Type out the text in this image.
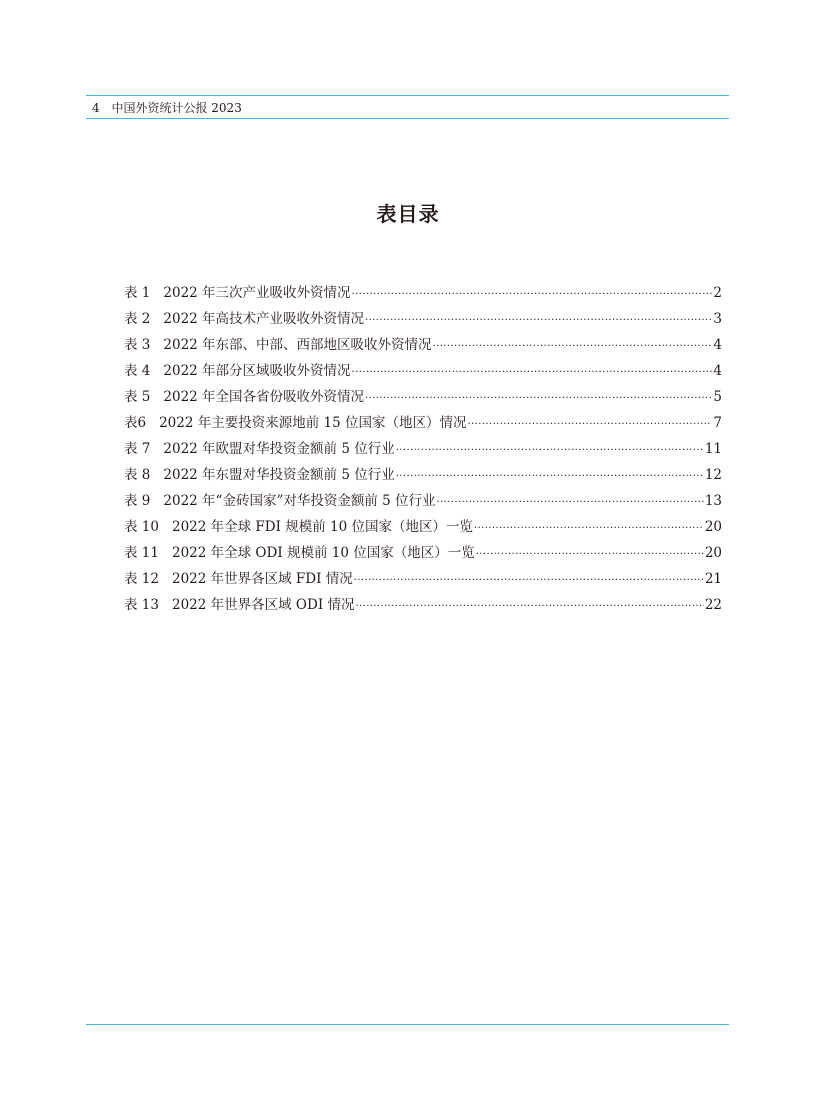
4 中国外资统计公报 2023
表目录
表 1 2022 年三次产业吸收外资情况 ·····	2
表 2 2022 年高技术产业吸收外资情况 ·····	3
表 3 2022 年东部、中部、西部地区吸收外资情况 ·····	4
表 4 2022 年部分区域吸收外资情况 ·····	4
表 5 2022 年全国各省份吸收外资情况 ·····	5
表6 2022 年主要投资来源地前 15 位国家（地区）情况 ·····	7
表 7 2022 年欧盟对华投资金额前 5 位行业 ·····	11
表 8 2022 年东盟对华投资金额前 5 位行业 ·····	12
表 9 2022 年“金砖国家”对华投资金额前 5 位行业 ·····	13
表 10 2022 年全球 FDI 规模前 10 位国家（地区）一览 ·····	20
表 11 2022 年全球 ODI 规模前 10 位国家（地区）一览 ·····	20
表 12 2022 年世界各区域 FDI 情况 ·····	21
表 13 2022 年世界各区域 ODI 情况 ·····	22
